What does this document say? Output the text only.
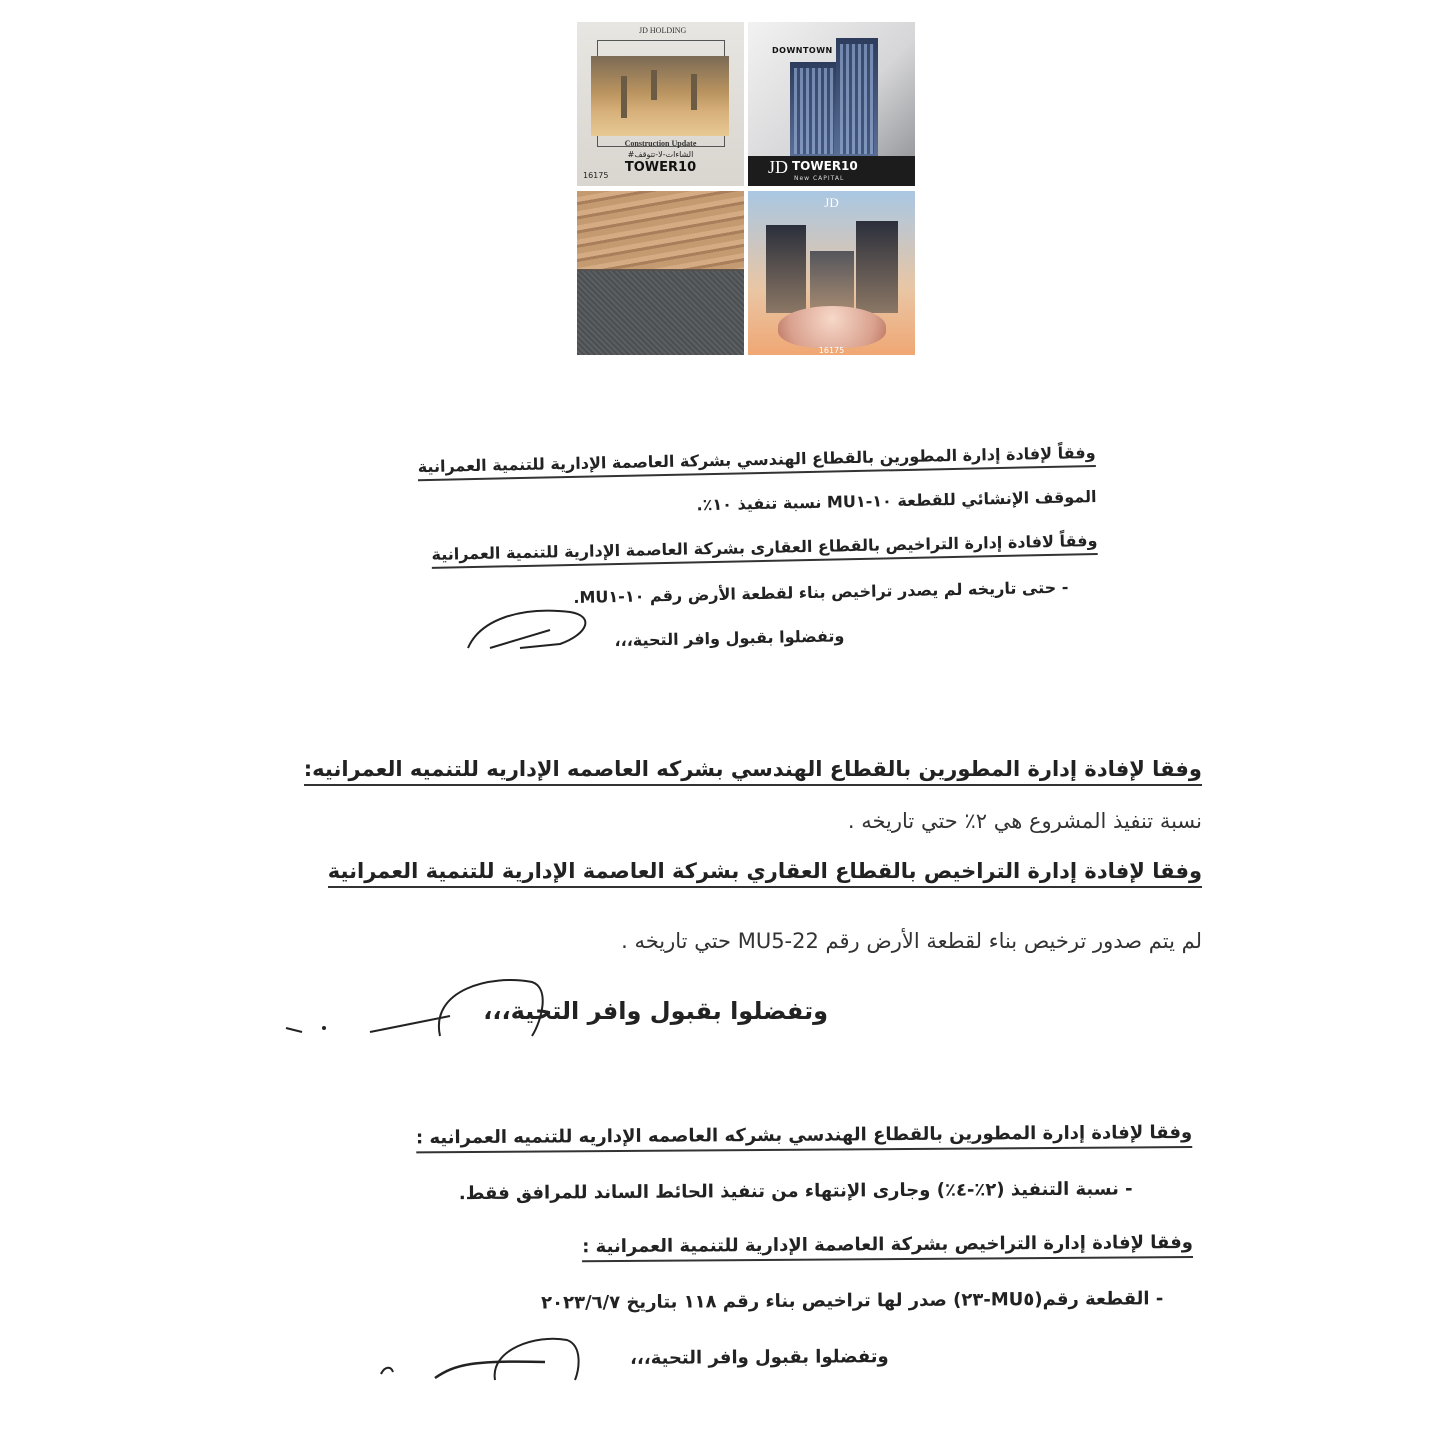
JD HOLDING
Construction Update
#الشاءات-لا-تتوقف
TOWER10
16175
DOWNTOWN
JD TOWER10
New CAPITAL
JD
16175
وفقاً لإفادة إدارة المطورين بالقطاع الهندسي بشركة العاصمة الإدارية للتنمية العمرانية
الموقف الإنشائي للقطعة ١٠-MU١ نسبة تنفيذ ١٠٪.
وفقاً لافادة إدارة التراخيص بالقطاع العقارى بشركة العاصمة الإدارية للتنمية العمرانية
- حتى تاريخه لم يصدر تراخيص بناء لقطعة الأرض رقم ١٠-MU١.
وتفضلوا بقبول وافر التحية،،،
وفقا لإفادة إدارة المطورين بالقطاع الهندسي بشركه العاصمه الإداريه للتنميه العمرانيه:
نسبة تنفيذ المشروع هي ٢٪ حتي تاريخه .
وفقا لإفادة إدارة التراخيص بالقطاع العقاري بشركة العاصمة الإدارية للتنمية العمرانية
لم يتم صدور ترخيص بناء لقطعة الأرض رقم MU5-22 حتي تاريخه .
وتفضلوا بقبول وافر التحية،،،
وفقا لإفادة إدارة المطورين بالقطاع الهندسي بشركه العاصمه الإداريه للتنميه العمرانيه :
- نسبة التنفيذ (٢٪-٤٪) وجارى الإنتهاء من تنفيذ الحائط الساند للمرافق فقط.
وفقا لإفادة إدارة التراخيص بشركة العاصمة الإدارية للتنمية العمرانية :
- القطعة رقم(MU٥-٢٣) صدر لها تراخيص بناء رقم ١١٨ بتاريخ ٢٠٢٣/٦/٧
وتفضلوا بقبول وافر التحية،،،
